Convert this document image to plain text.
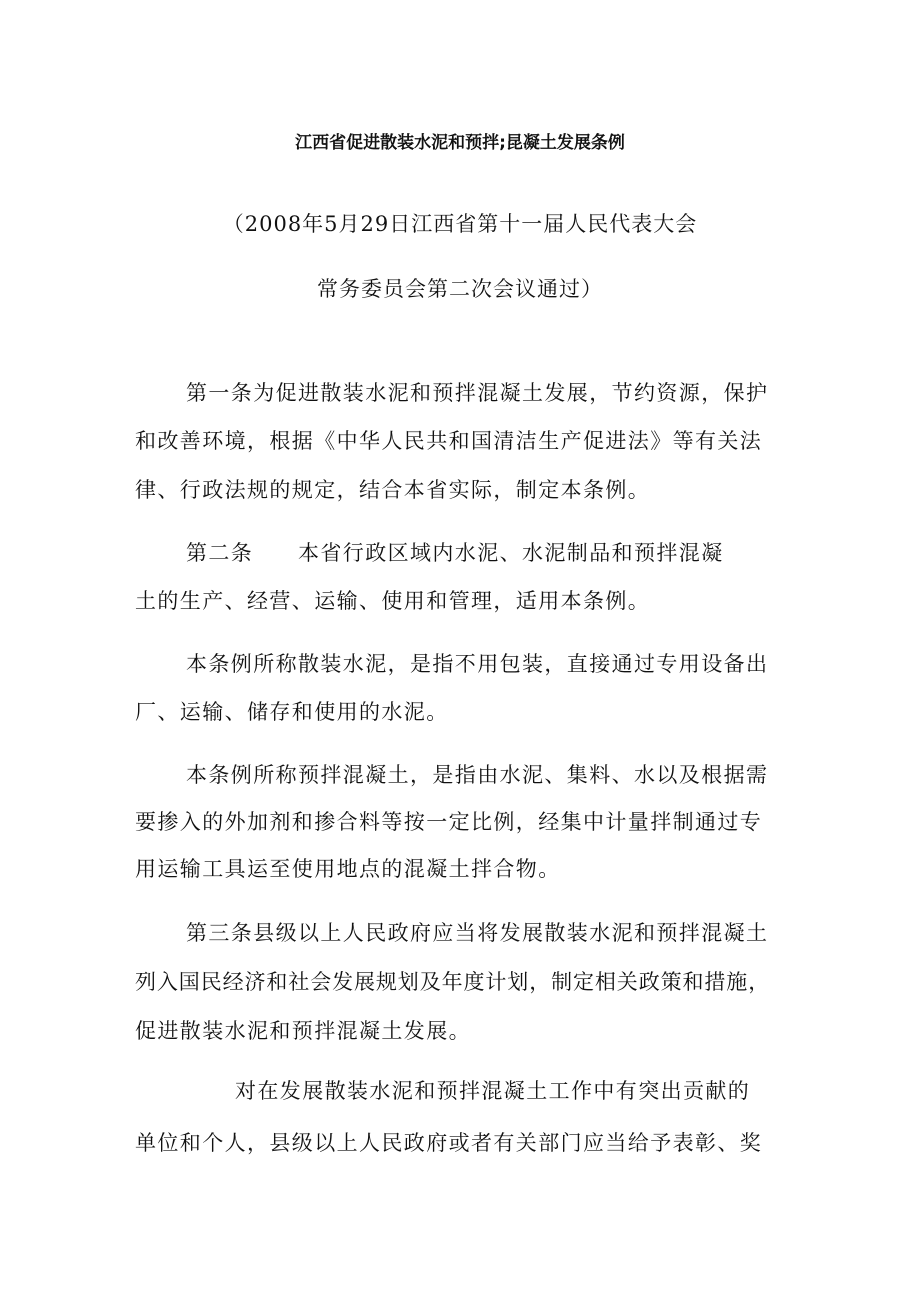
江西省促进散装水泥和预拌;昆凝土发展条例
（2008年5月29日江西省第十一届人民代表大会
常务委员会第二次会议通过）
第一条为促进散装水泥和预拌混凝土发展，节约资源，保护
和改善环境，根据《中华人民共和国清洁生产促进法》等有关法
律、行政法规的规定，结合本省实际，制定本条例。
第二条　　本省行政区域内水泥、水泥制品和预拌混凝
土的生产、经营、运输、使用和管理，适用本条例。
本条例所称散装水泥，是指不用包装，直接通过专用设备出
厂、运输、储存和使用的水泥。
本条例所称预拌混凝土，是指由水泥、集料、水以及根据需
要掺入的外加剂和掺合料等按一定比例，经集中计量拌制通过专
用运输工具运至使用地点的混凝土拌合物。
第三条县级以上人民政府应当将发展散装水泥和预拌混凝土
列入国民经济和社会发展规划及年度计划，制定相关政策和措施，
促进散装水泥和预拌混凝土发展。
对在发展散装水泥和预拌混凝土工作中有突出贡献的
单位和个人，县级以上人民政府或者有关部门应当给予表彰、奖
